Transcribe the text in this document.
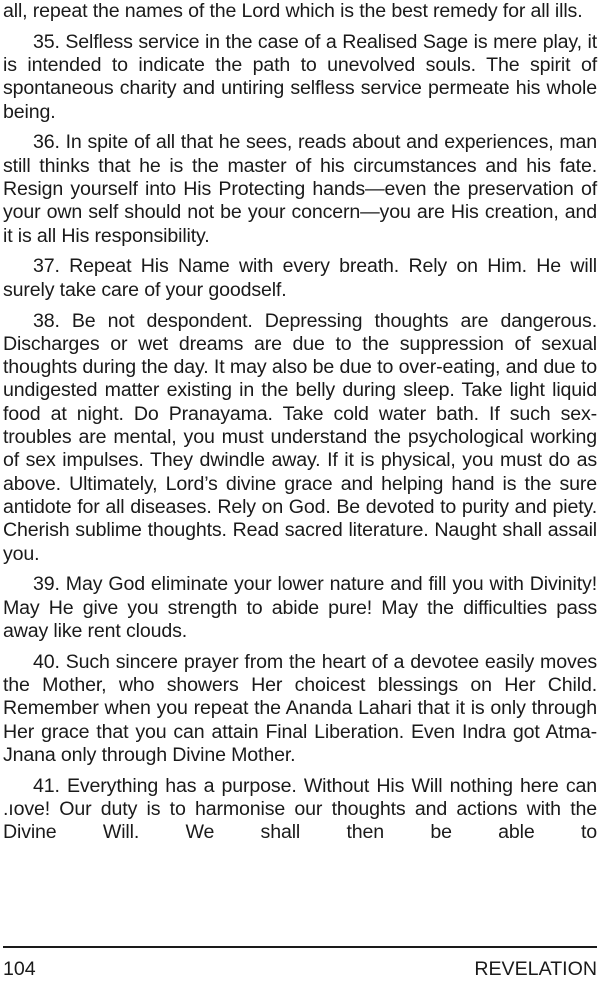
all, repeat the names of the Lord which is the best remedy for all ills.

35. Selfless service in the case of a Realised Sage is mere play, it is intended to indicate the path to unevolved souls. The spirit of spontaneous charity and untiring selfless service permeate his whole being.

36. In spite of all that he sees, reads about and experiences, man still thinks that he is the master of his circumstances and his fate. Resign yourself into His Protecting hands—even the preservation of your own self should not be your concern—you are His creation, and it is all His responsibility.

37. Repeat His Name with every breath. Rely on Him. He will surely take care of your goodself.

38. Be not despondent. Depressing thoughts are dangerous. Discharges or wet dreams are due to the suppression of sexual thoughts during the day. It may also be due to over-eating, and due to undigested matter existing in the belly during sleep. Take light liquid food at night. Do Pranayama. Take cold water bath. If such sex-troubles are mental, you must understand the psychological working of sex impulses. They dwindle away. If it is physical, you must do as above. Ultimately, Lord’s divine grace and helping hand is the sure antidote for all diseases. Rely on God. Be devoted to purity and piety. Cherish sublime thoughts. Read sacred literature. Naught shall assail you.

39. May God eliminate your lower nature and fill you with Divinity! May He give you strength to abide pure! May the difficulties pass away like rent clouds.

40. Such sincere prayer from the heart of a devotee easily moves the Mother, who showers Her choicest blessings on Her Child. Remember when you repeat the Ananda Lahari that it is only through Her grace that you can attain Final Liberation. Even Indra got Atma-Jnana only through Divine Mother.

41. Everything has a purpose. Without His Will nothing here can .ıove! Our duty is to harmonise our thoughts and actions with the Divine Will. We shall then be able to

104	REVELATION
